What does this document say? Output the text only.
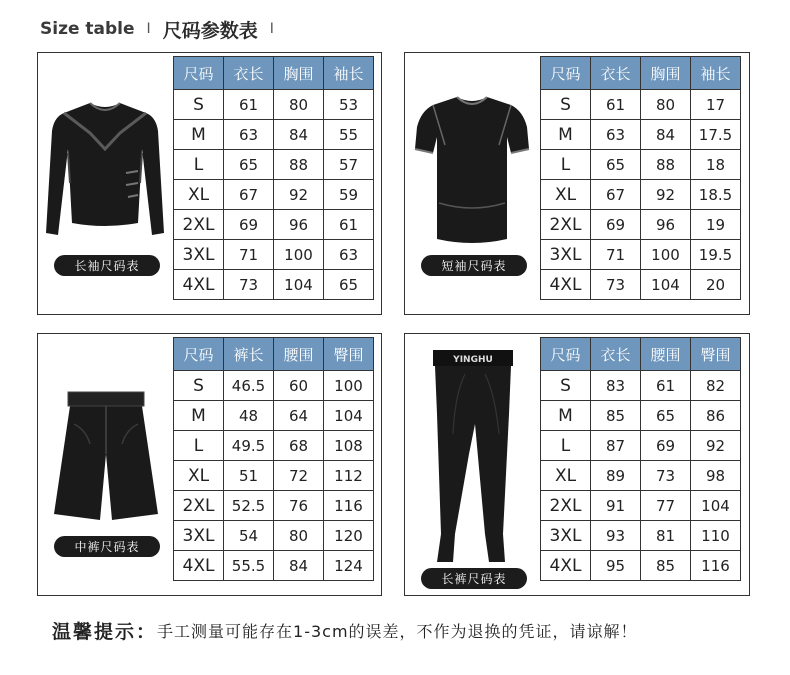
Size table I 尺码参数表 I
长袖尺码表
尺码	衣长	胸围	袖长
S	61	80	53
M	63	84	55
L	65	88	57
XL	67	92	59
2XL	69	96	61
3XL	71	100	63
4XL	73	104	65
短袖尺码表
尺码	衣长	胸围	袖长
S	61	80	17
M	63	84	17.5
L	65	88	18
XL	67	92	18.5
2XL	69	96	19
3XL	71	100	19.5
4XL	73	104	20
中裤尺码表
尺码	裤长	腰围	臀围
S	46.5	60	100
M	48	64	104
L	49.5	68	108
XL	51	72	112
2XL	52.5	76	116
3XL	54	80	120
4XL	55.5	84	124
YINGHU
长裤尺码表
尺码	衣长	腰围	臀围
S	83	61	82
M	85	65	86
L	87	69	92
XL	89	73	98
2XL	91	77	104
3XL	93	81	110
4XL	95	85	116
温馨提示： 手工测量可能存在1-3cm的误差，不作为退换的凭证，请谅解！
